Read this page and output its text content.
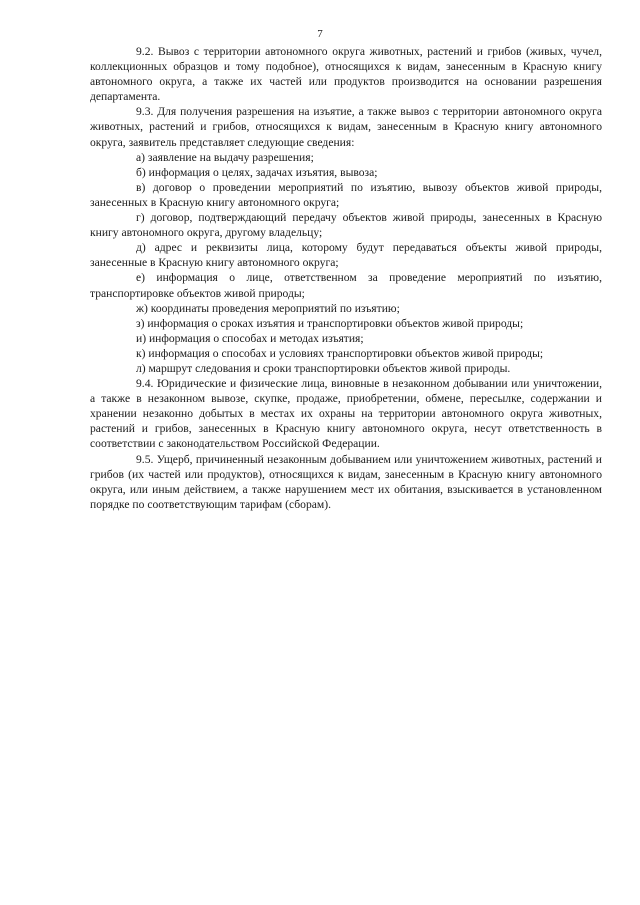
7

9.2. Вывоз с территории автономного округа животных, растений и грибов (живых, чучел, коллекционных образцов и тому подобное), относящихся к видам, занесенным в Красную книгу автономного округа, а также их частей или продуктов производится на основании разрешения департамента.

9.3. Для получения разрешения на изъятие, а также вывоз с территории автономного округа животных, растений и грибов, относящихся к видам, занесенным в Красную книгу автономного округа, заявитель представляет следующие сведения:

а) заявление на выдачу разрешения;

б) информация о целях, задачах изъятия, вывоза;

в) договор о проведении мероприятий по изъятию, вывозу объектов живой природы, занесенных в Красную книгу автономного округа;

г) договор, подтверждающий передачу объектов живой природы, занесенных в Красную книгу автономного округа, другому владельцу;

д) адрес и реквизиты лица, которому будут передаваться объекты живой природы, занесенные в Красную книгу автономного округа;

е) информация о лице, ответственном за проведение мероприятий по изъятию, транспортировке объектов живой природы;

ж) координаты проведения мероприятий по изъятию;

з) информация о сроках изъятия и транспортировки объектов живой природы;

и) информация о способах и методах изъятия;

к) информация о способах и условиях транспортировки объектов живой природы;

л) маршрут следования и сроки транспортировки объектов живой природы.

9.4. Юридические и физические лица, виновные в незаконном добывании или уничтожении, а также в незаконном вывозе, скупке, продаже, приобретении, обмене, пересылке, содержании и хранении незаконно добытых в местах их охраны на территории автономного округа животных, растений и грибов, занесенных в Красную книгу автономного округа, несут ответственность в соответствии с законодательством Российской Федерации.

9.5. Ущерб, причиненный незаконным добыванием или уничтожением животных, растений и грибов (их частей или продуктов), относящихся к видам, занесенным в Красную книгу автономного округа, или иным действием, а также нарушением мест их обитания, взыскивается в установленном порядке по соответствующим тарифам (сборам).
